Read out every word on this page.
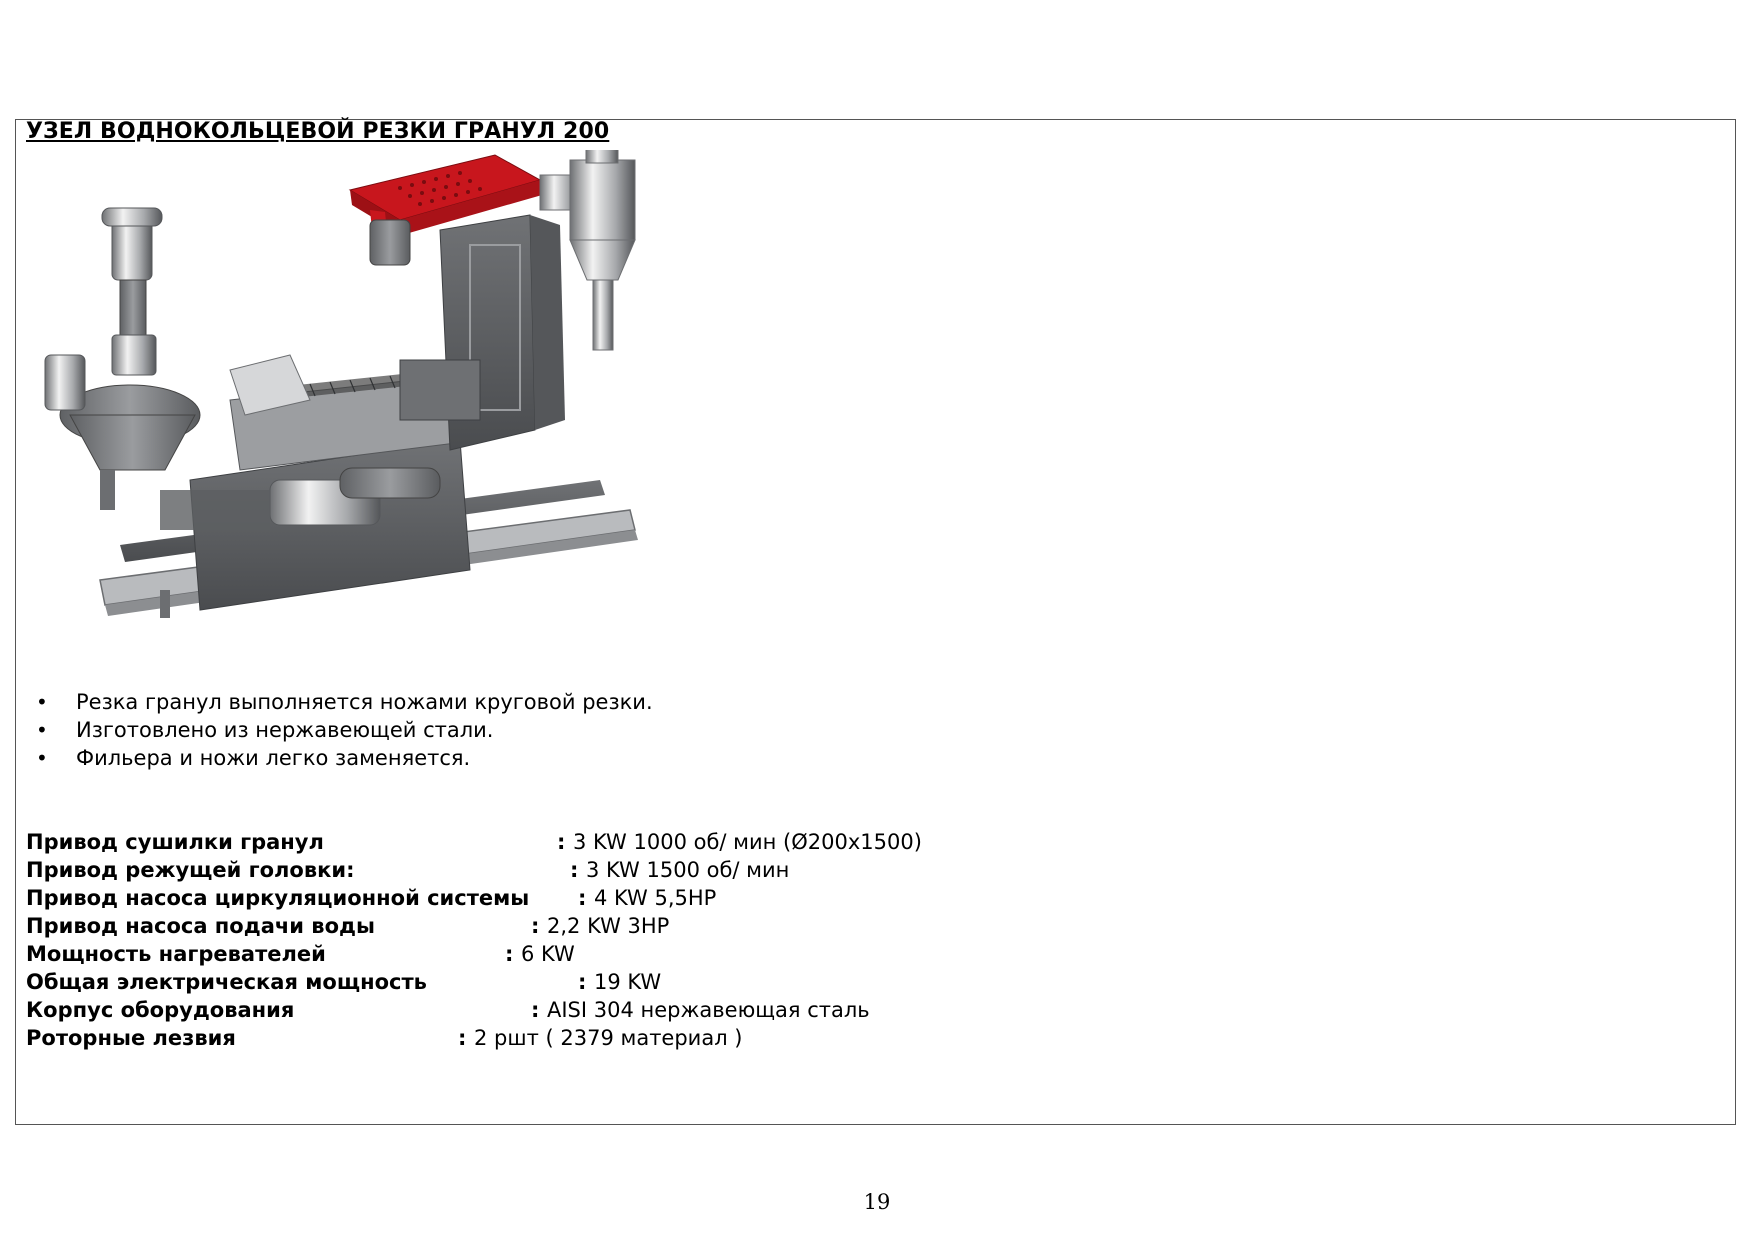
УЗЕЛ ВОДНОКОЛЬЦЕВОЙ РЕЗКИ ГРАНУЛ 200
• Резка гранул выполняется ножами круговой резки.
• Изготовлено из нержавеющей стали.
• Фильера и ножи легко заменяется.
Привод сушилки гранул	: 3 KW 1000 об/ мин (Ø200x1500)
Привод режущей головки:	: 3 KW 1500 об/ мин
Привод насоса циркуляционной системы : 4 KW 5,5HP
Привод насоса подачи воды	: 2,2 KW 3HP
Мощность нагревателей	: 6 KW
Общая электрическая мощность	: 19 KW
Корпус оборудования	: AISI 304 нержавеющая сталь
Роторные лезвия	: 2 ршт ( 2379 материал )
19
